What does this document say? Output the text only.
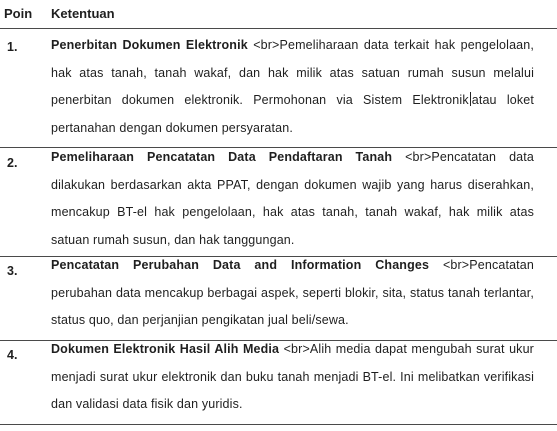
Poin Ketentuan
1.	Penerbitan Dokumen Elektronik <br>Pemeliharaan data terkait hak pengelolaan, hak atas tanah, tanah wakaf, dan hak milik atas satuan rumah susun melalui penerbitan dokumen elektronik. Permohonan via Sistem Elektronik atau loket pertanahan dengan dokumen persyaratan.
2.	Pemeliharaan Pencatatan Data Pendaftaran Tanah <br>Pencatatan data dilakukan berdasarkan akta PPAT, dengan dokumen wajib yang harus diserahkan, mencakup BT-el hak pengelolaan, hak atas tanah, tanah wakaf, hak milik atas satuan rumah susun, dan hak tanggungan.
3.	Pencatatan Perubahan Data and Information Changes <br>Pencatatan perubahan data mencakup berbagai aspek, seperti blokir, sita, status tanah terlantar, status quo, dan perjanjian pengikatan jual beli/sewa.
4.	Dokumen Elektronik Hasil Alih Media <br>Alih media dapat mengubah surat ukur menjadi surat ukur elektronik dan buku tanah menjadi BT-el. Ini melibatkan verifikasi dan validasi data fisik dan yuridis.
